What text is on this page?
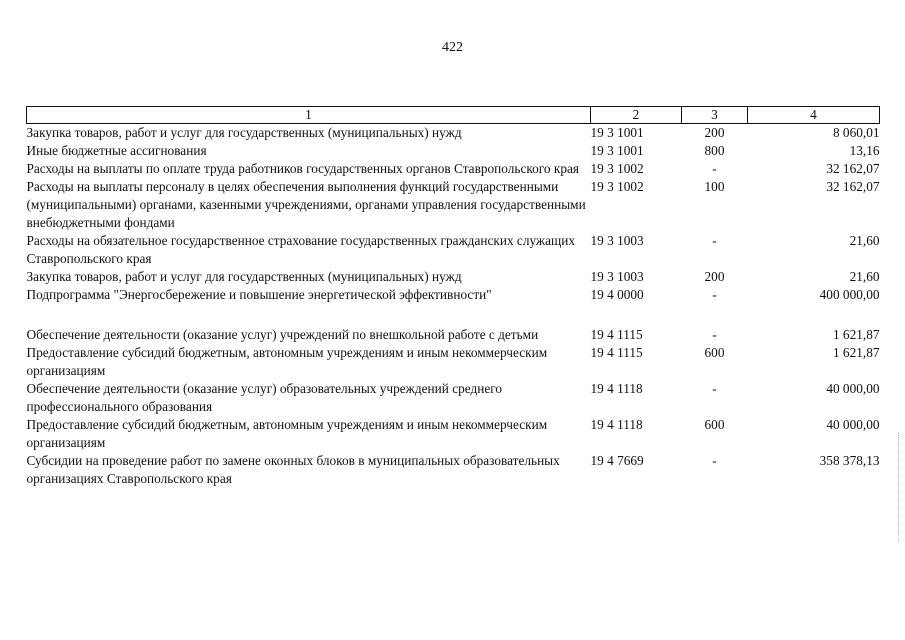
422
1	2	3	4
Закупка товаров, работ и услуг для государственных (муниципальных) нужд	19 3 1001	200	8 060,01
Иные бюджетные ассигнования	19 3 1001	800	13,16
Расходы на выплаты по оплате труда работников государственных органов Ставропольского края	19 3 1002	-	32 162,07
Расходы на выплаты персоналу в целях обеспечения выполнения функций государственными (муниципальными) органами, казенными учреждениями, органами управления государственными внебюджетными фондами	19 3 1002	100	32 162,07
Расходы на обязательное государственное страхование государственных гражданских служащих Ставропольского края	19 3 1003	-	21,60
Закупка товаров, работ и услуг для государственных (муниципальных) нужд	19 3 1003	200	21,60
Подпрограмма "Энергосбережение и повышение энергетической эффективности"	19 4 0000	-	400 000,00

Обеспечение деятельности (оказание услуг) учреждений по внешкольной работе с детьми	19 4 1115	-	1 621,87
Предоставление субсидий бюджетным, автономным учреждениям и иным некоммерческим организациям	19 4 1115	600	1 621,87
Обеспечение деятельности (оказание услуг) образовательных учреждений среднего профессионального образования	19 4 1118	-	40 000,00
Предоставление субсидий бюджетным, автономным учреждениям и иным некоммерческим организациям	19 4 1118	600	40 000,00
Субсидии на проведение работ по замене оконных блоков в муниципальных образовательных организациях Ставропольского края	19 4 7669	-	358 378,13
